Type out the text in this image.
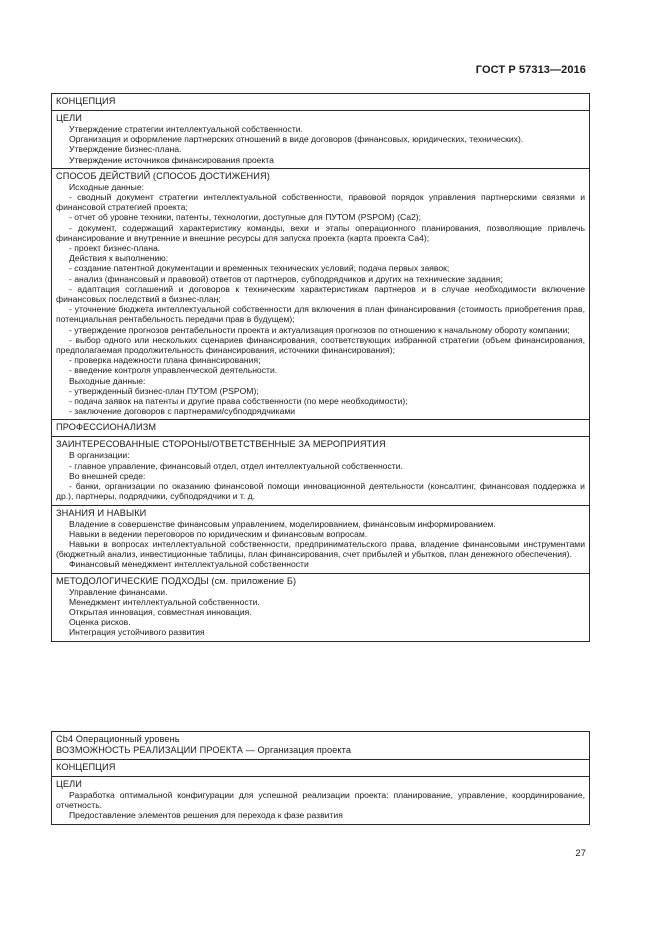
ГОСТ Р 57313—2016
КОНЦЕПЦИЯ
ЦЕЛИ
Утверждение стратегии интеллектуальной собственности.
Организация и оформление партнерских отношений в виде договоров (финансовых, юридических, технических).
Утверждение бизнес-плана.
Утверждение источников финансирования проекта
СПОСОБ ДЕЙСТВИЙ (СПОСОБ ДОСТИЖЕНИЯ)
Исходные данные:
- сводный документ стратегии интеллектуальной собственности, правовой порядок управления партнерскими связями и финансовой стратегией проекта;
- отчет об уровне техники, патенты, технологии, доступные для ПУТОМ (PSPOM) (Са2);
- документ, содержащий характеристику команды, вехи и этапы операционного планирования, позволяющие привлечь финансирование и внутренние и внешние ресурсы для запуска проекта (карта проекта Са4);
- проект бизнес-плана.
Действия к выполнению:
- создание патентной документации и временных технических условий; подача первых заявок;
- анализ (финансовый и правовой) ответов от партнеров, субподрядчиков и других на технические задания;
- адаптация соглашений и договоров к техническим характеристикам партнеров и в случае необходимости включение финансовых последствий в бизнес-план;
- уточнение бюджета интеллектуальной собственности для включения в план финансирования (стоимость приобретения прав, потенциальная рентабельность передачи прав в будущем);
- утверждение прогнозов рентабельности проекта и актуализация прогнозов по отношению к начальному обороту компании;
- выбор одного или нескольких сценариев финансирования, соответствующих избранной стратегии (объем финансирования, предполагаемая продолжительность финансирования, источники финансирования);
- проверка надежности плана финансирования;
- введение контроля управленческой деятельности.
Выходные данные:
- утвержденный бизнес-план ПУТОМ (PSPOM);
- подача заявок на патенты и другие права собственности (по мере необходимости);
- заключение договоров с партнерами/субподрядчиками
ПРОФЕССИОНАЛИЗМ
ЗАИНТЕРЕСОВАННЫЕ СТОРОНЫ/ОТВЕТСТВЕННЫЕ ЗА МЕРОПРИЯТИЯ
В организации:
- главное управление, финансовый отдел, отдел интеллектуальной собственности.
Во внешней среде:
- банки, организации по оказанию финансовой помощи инновационной деятельности (консалтинг, финансовая поддержка и др.), партнеры, подрядчики, субподрядчики и т. д.
ЗНАНИЯ И НАВЫКИ
Владение в совершенстве финансовым управлением, моделированием, финансовым информированием.
Навыки в ведении переговоров по юридическим и финансовым вопросам.
Навыки в вопросах интеллектуальной собственности, предпринимательского права, владение финансовыми инструментами (бюджетный анализ, инвестиционные таблицы, план финансирования, счет прибылей и убытков, план денежного обеспечения).
Финансовый менеджмент интеллектуальной собственности
МЕТОДОЛОГИЧЕСКИЕ ПОДХОДЫ (см. приложение Б)
Управление финансами.
Менеджмент интеллектуальной собственности.
Открытая инновация, совместная инновация.
Оценка рисков.
Интеграция устойчивого развития
Cb4 Операционный уровень
ВОЗМОЖНОСТЬ РЕАЛИЗАЦИИ ПРОЕКТА — Организация проекта
КОНЦЕПЦИЯ
ЦЕЛИ
Разработка оптимальной конфигурации для успешной реализации проекта: планирование, управление, координирование, отчетность.
Предоставление элементов решения для перехода к фазе развития
27
